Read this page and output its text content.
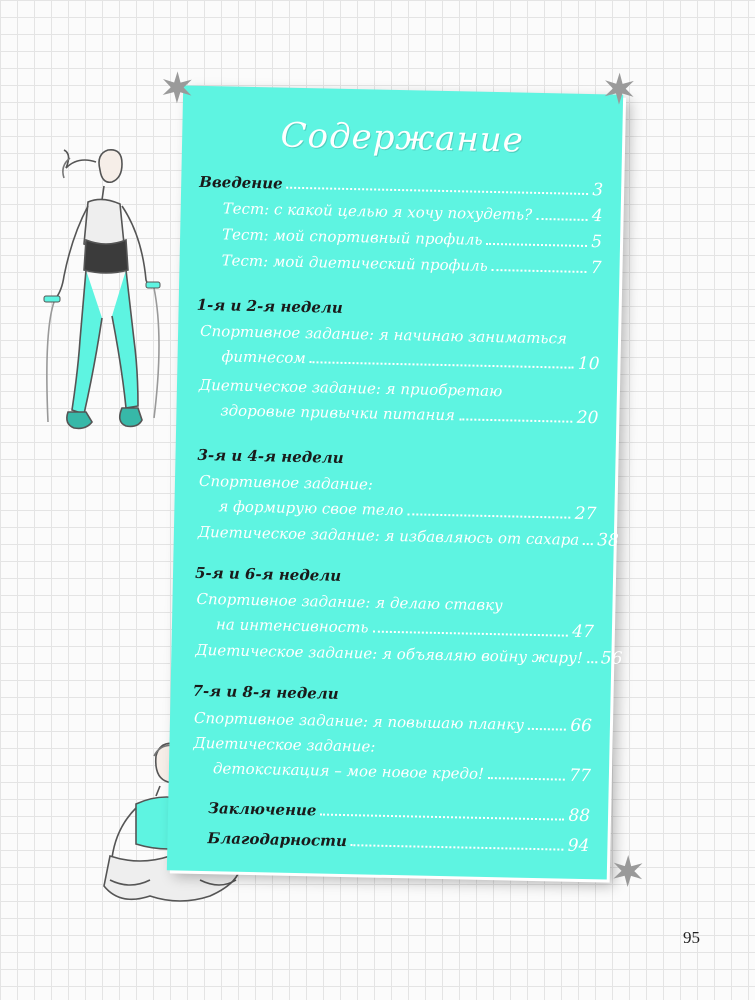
Содержание
Введение	3
Тест: с какой целью я хочу похудеть?	4
Тест: мой спортивный профиль	5
Тест: мой диетический профиль	7
1-я и 2-я недели
Спортивное задание: я начинаю заниматься
фитнесом	10
Диетическое задание: я приобретаю
здоровые привычки питания	20
3-я и 4-я недели
Спортивное задание:
я формирую свое тело	27
Диетическое задание: я избавляюсь от сахара 38
5-я и 6-я недели
Спортивное задание: я делаю ставку
на интенсивность	47
Диетическое задание: я объявляю войну жиру! 56
7-я и 8-я недели
Спортивное задание: я повышаю планку	66
Диетическое задание:
детоксикация – мое новое кредо!	77
Заключение	88
Благодарности	94
95
